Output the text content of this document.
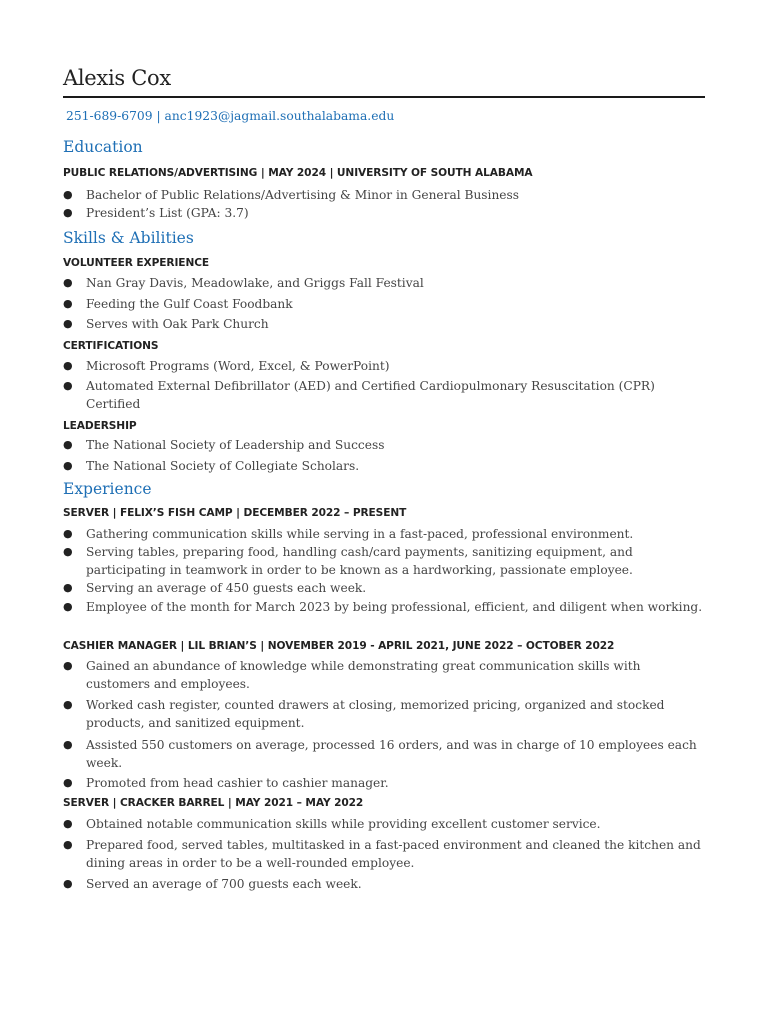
Alexis Cox
251-689-6709 | anc1923@jagmail.southalabama.edu
Education
PUBLIC RELATIONS/ADVERTISING | MAY 2024 | UNIVERSITY OF SOUTH ALABAMA
● Bachelor of Public Relations/Advertising & Minor in General Business
● President’s List (GPA: 3.7)
Skills & Abilities
VOLUNTEER EXPERIENCE
● Nan Gray Davis, Meadowlake, and Griggs Fall Festival
● Feeding the Gulf Coast Foodbank
● Serves with Oak Park Church
CERTIFICATIONS
● Microsoft Programs (Word, Excel, & PowerPoint)
● Automated External Defibrillator (AED) and Certified Cardiopulmonary Resuscitation (CPR) Certified
LEADERSHIP
● The National Society of Leadership and Success
● The National Society of Collegiate Scholars.
Experience
SERVER | FELIX’S FISH CAMP | DECEMBER 2022 – PRESENT
● Gathering communication skills while serving in a fast-paced, professional environment.
● Serving tables, preparing food, handling cash/card payments, sanitizing equipment, and participating in teamwork in order to be known as a hardworking, passionate employee.
● Serving an average of 450 guests each week.
● Employee of the month for March 2023 by being professional, efficient, and diligent when working.
CASHIER MANAGER | LIL BRIAN’S | NOVEMBER 2019 - APRIL 2021, JUNE 2022 – OCTOBER 2022
● Gained an abundance of knowledge while demonstrating great communication skills with customers and employees.
● Worked cash register, counted drawers at closing, memorized pricing, organized and stocked products, and sanitized equipment.
● Assisted 550 customers on average, processed 16 orders, and was in charge of 10 employees each week.
● Promoted from head cashier to cashier manager.
SERVER | CRACKER BARREL | MAY 2021 – MAY 2022
● Obtained notable communication skills while providing excellent customer service.
● Prepared food, served tables, multitasked in a fast-paced environment and cleaned the kitchen and dining areas in order to be a well-rounded employee.
● Served an average of 700 guests each week.
